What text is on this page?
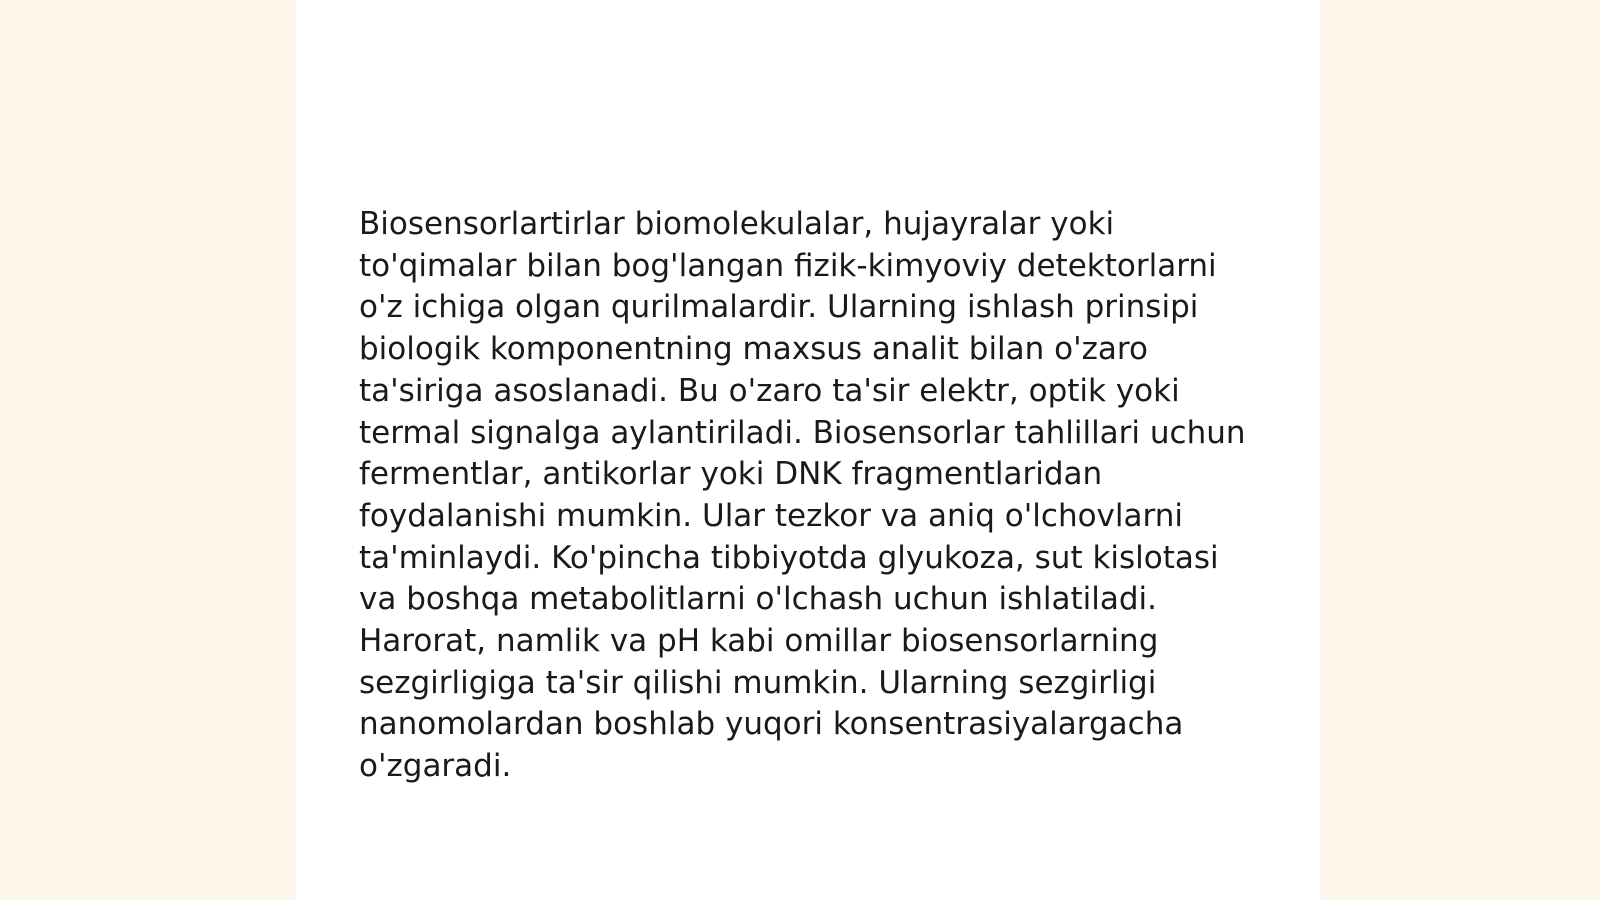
Biosensorlartirlar biomolekulalar, hujayralar yoki to'qimalar bilan bog'langan fizik-kimyoviy detektorlarni o'z ichiga olgan qurilmalardir. Ularning ishlash prinsipi biologik komponentning maxsus analit bilan o'zaro ta'siriga asoslanadi. Bu o'zaro ta'sir elektr, optik yoki termal signalga aylantiriladi. Biosensorlar tahlillari uchun fermentlar, antikorlar yoki DNK fragmentlaridan foydalanishi mumkin. Ular tezkor va aniq o'lchovlarni ta'minlaydi. Ko'pincha tibbiyotda glyukoza, sut kislotasi va boshqa metabolitlarni o'lchash uchun ishlatiladi. Harorat, namlik va pH kabi omillar biosensorlarning sezgirligiga ta'sir qilishi mumkin. Ularning sezgirligi nanomolardan boshlab yuqori konsentrasiyalargacha o'zgaradi.
